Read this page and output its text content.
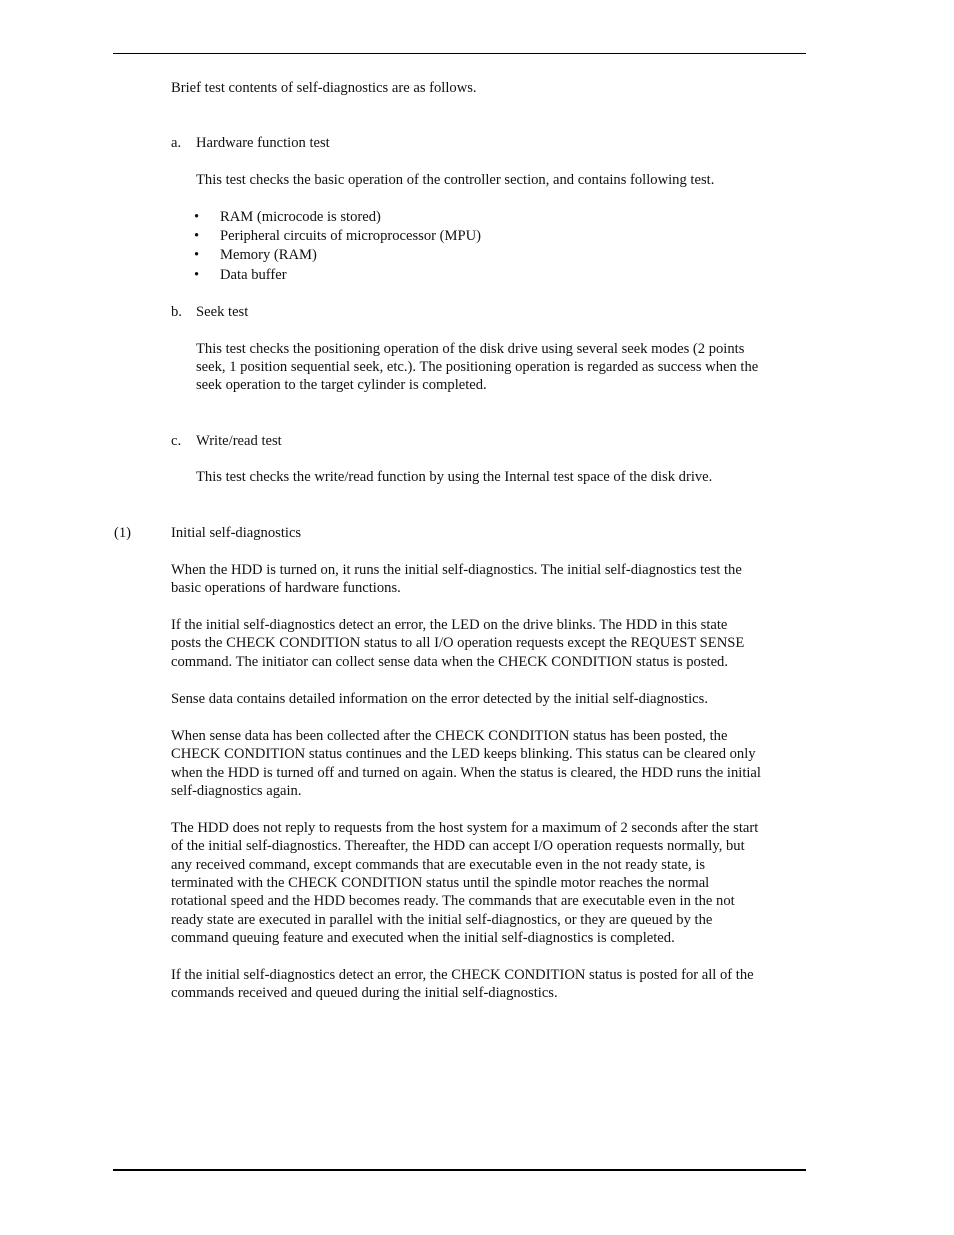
Brief test contents of self-diagnostics are as follows.
a. Hardware function test
This test checks the basic operation of the controller section, and contains following test.
• RAM (microcode is stored)
• Peripheral circuits of microprocessor (MPU)
• Memory (RAM)
• Data buffer
b. Seek test
This test checks the positioning operation of the disk drive using several seek modes (2 points
seek, 1 position sequential seek, etc.). The positioning operation is regarded as success when the
seek operation to the target cylinder is completed.
c. Write/read test
This test checks the write/read function by using the Internal test space of the disk drive.
(1)	Initial self-diagnostics
When the HDD is turned on, it runs the initial self-diagnostics. The initial self-diagnostics test the
basic operations of hardware functions.
If the initial self-diagnostics detect an error, the LED on the drive blinks. The HDD in this state
posts the CHECK CONDITION status to all I/O operation requests except the REQUEST SENSE
command. The initiator can collect sense data when the CHECK CONDITION status is posted.
Sense data contains detailed information on the error detected by the initial self-diagnostics.
When sense data has been collected after the CHECK CONDITION status has been posted, the
CHECK CONDITION status continues and the LED keeps blinking. This status can be cleared only
when the HDD is turned off and turned on again. When the status is cleared, the HDD runs the initial
self-diagnostics again.
The HDD does not reply to requests from the host system for a maximum of 2 seconds after the start
of the initial self-diagnostics. Thereafter, the HDD can accept I/O operation requests normally, but
any received command, except commands that are executable even in the not ready state, is
terminated with the CHECK CONDITION status until the spindle motor reaches the normal
rotational speed and the HDD becomes ready. The commands that are executable even in the not
ready state are executed in parallel with the initial self-diagnostics, or they are queued by the
command queuing feature and executed when the initial self-diagnostics is completed.
If the initial self-diagnostics detect an error, the CHECK CONDITION status is posted for all of the
commands received and queued during the initial self-diagnostics.
